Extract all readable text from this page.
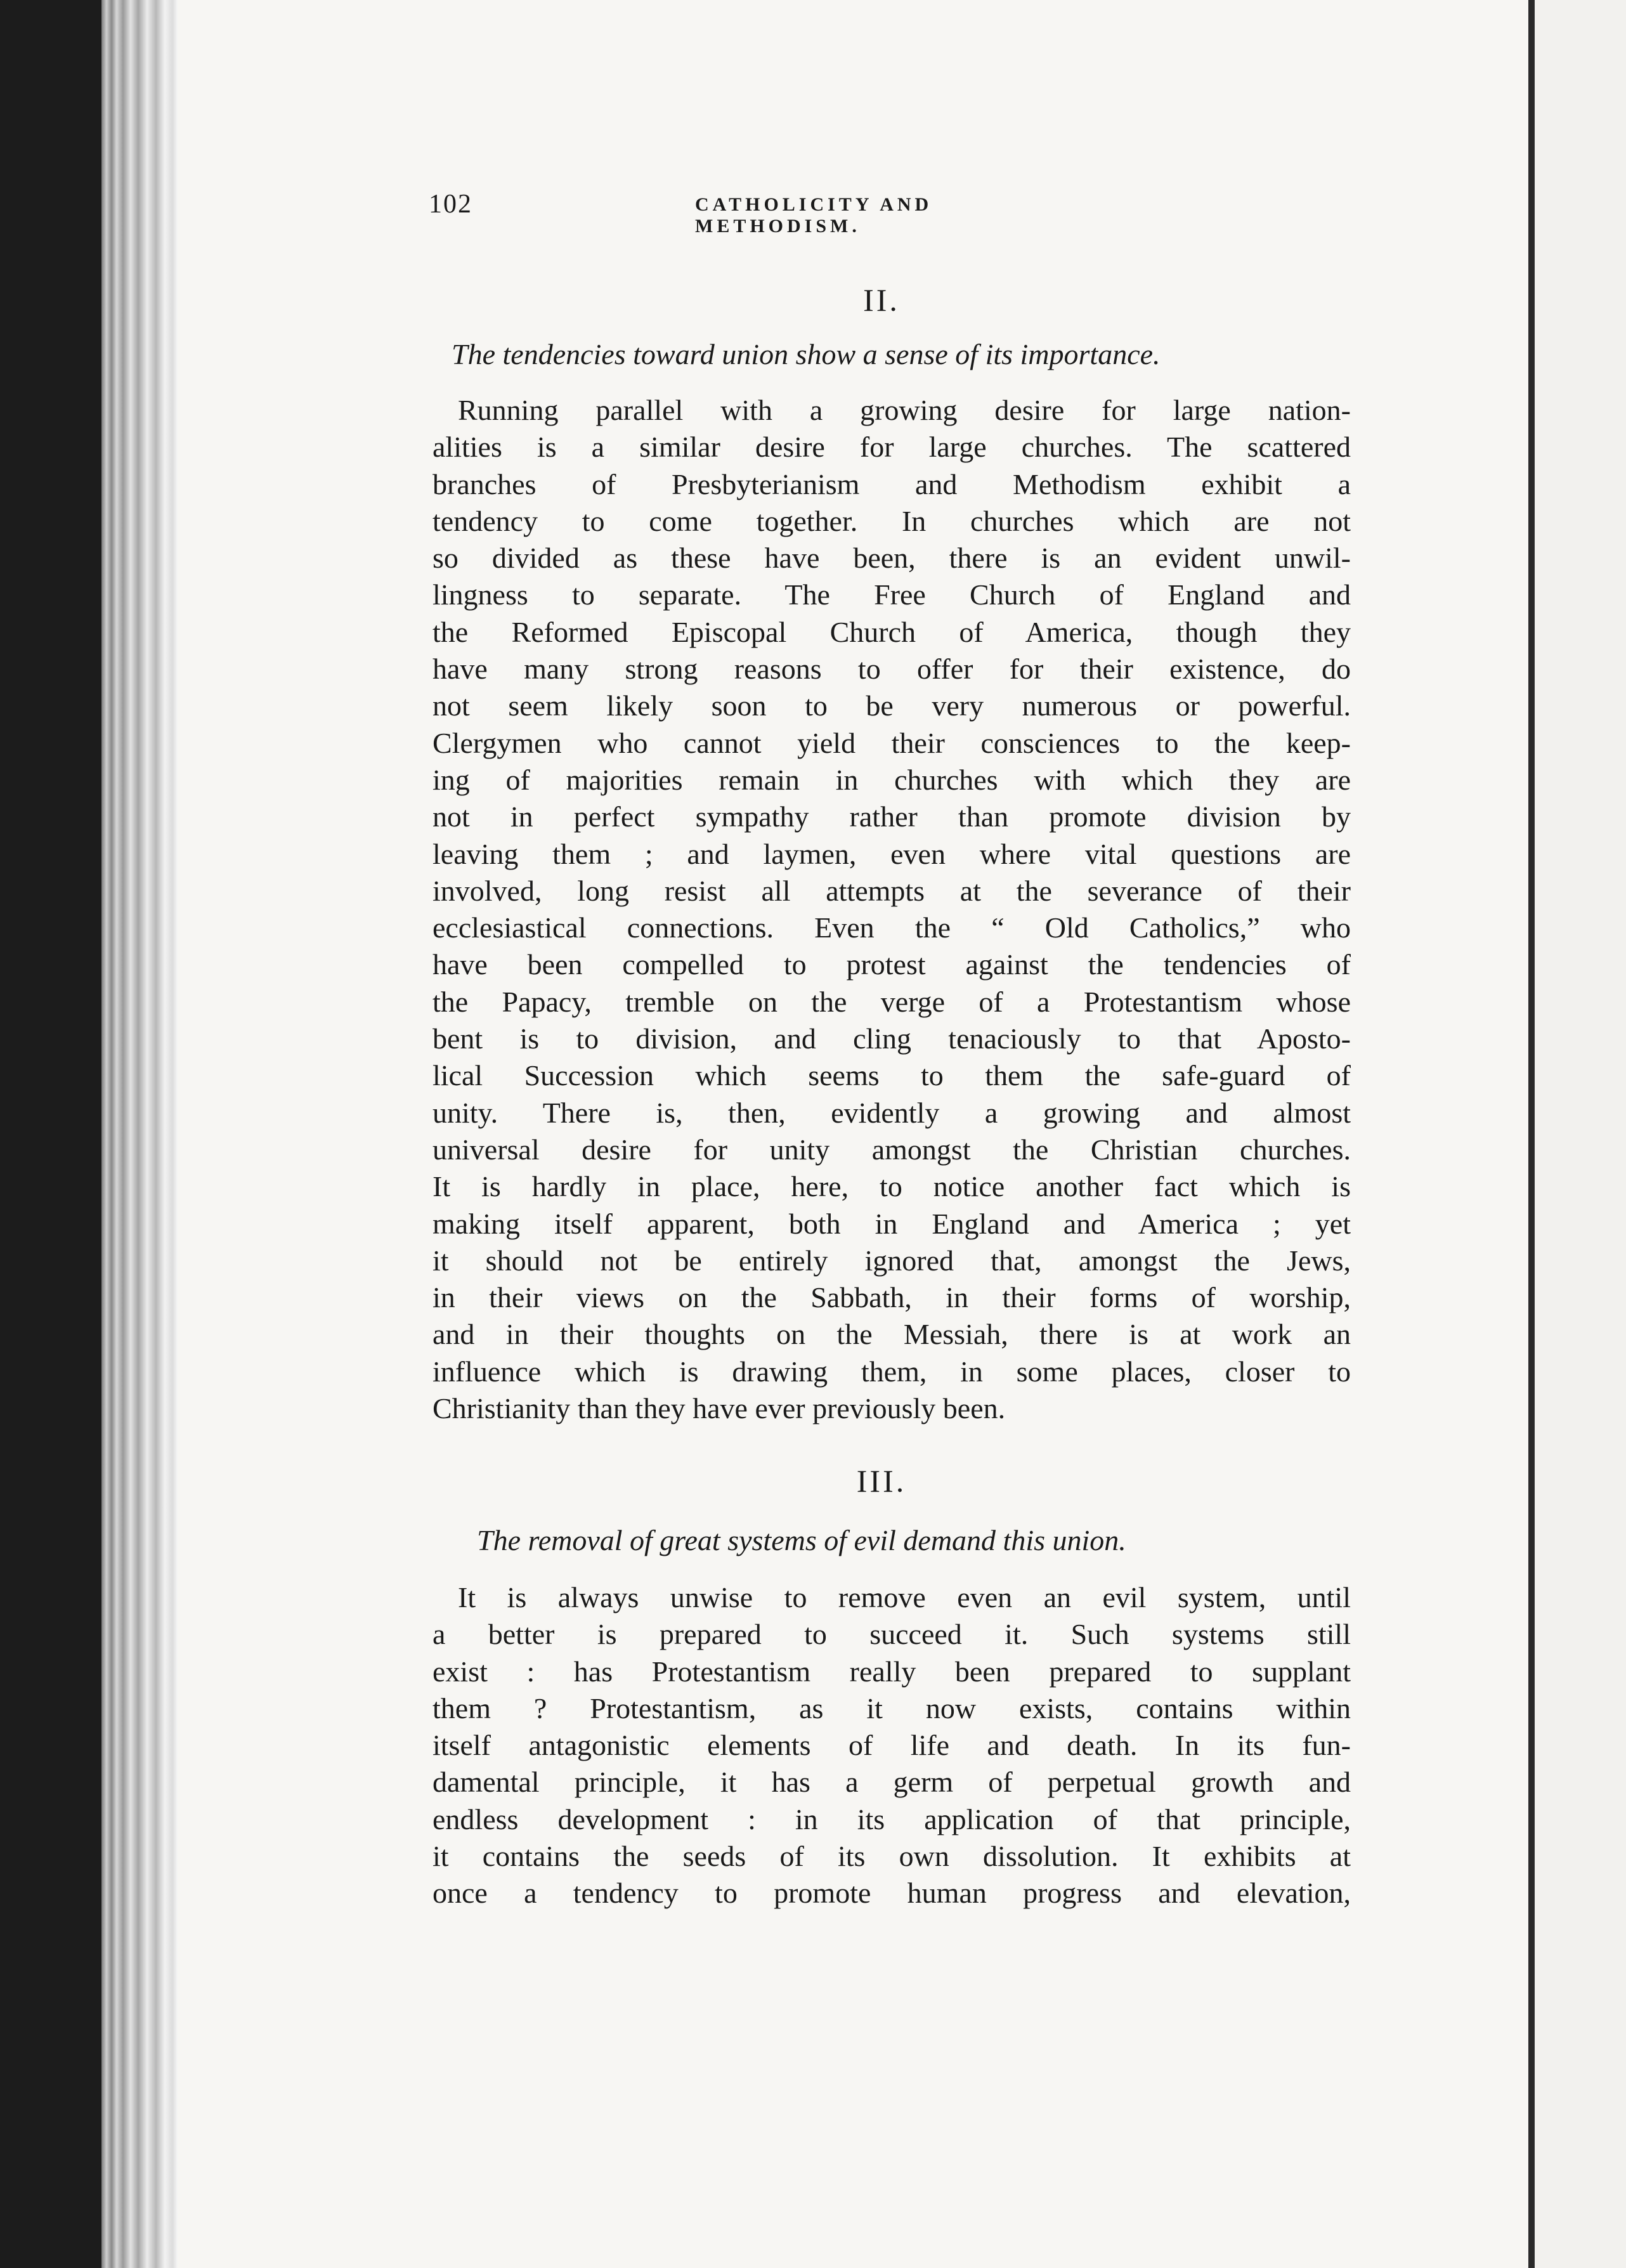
102	CATHOLICITY AND METHODISM.
II.
The tendencies toward union show a sense of its importance.
Running parallel with a growing desire for large nation-
alities is a similar desire for large churches. The scattered
branches of Presbyterianism and Methodism exhibit a
tendency to come together. In churches which are not
so divided as these have been, there is an evident unwil-
lingness to separate. The Free Church of England and
the Reformed Episcopal Church of America, though they
have many strong reasons to offer for their existence, do
not seem likely soon to be very numerous or powerful.
Clergymen who cannot yield their consciences to the keep-
ing of majorities remain in churches with which they are
not in perfect sympathy rather than promote division by
leaving them ; and laymen, even where vital questions are
involved, long resist all attempts at the severance of their
ecclesiastical connections. Even the “ Old Catholics,” who
have been compelled to protest against the tendencies of
the Papacy, tremble on the verge of a Protestantism whose
bent is to division, and cling tenaciously to that Aposto-
lical Succession which seems to them the safe-guard of
unity. There is, then, evidently a growing and almost
universal desire for unity amongst the Christian churches.
It is hardly in place, here, to notice another fact which is
making itself apparent, both in England and America ; yet
it should not be entirely ignored that, amongst the Jews,
in their views on the Sabbath, in their forms of worship,
and in their thoughts on the Messiah, there is at work an
influence which is drawing them, in some places, closer to
Christianity than they have ever previously been.
III.
The removal of great systems of evil demand this union.
It is always unwise to remove even an evil system, until
a better is prepared to succeed it. Such systems still
exist : has Protestantism really been prepared to supplant
them ? Protestantism, as it now exists, contains within
itself antagonistic elements of life and death. In its fun-
damental principle, it has a germ of perpetual growth and
endless development : in its application of that principle,
it contains the seeds of its own dissolution. It exhibits at
once a tendency to promote human progress and elevation,
